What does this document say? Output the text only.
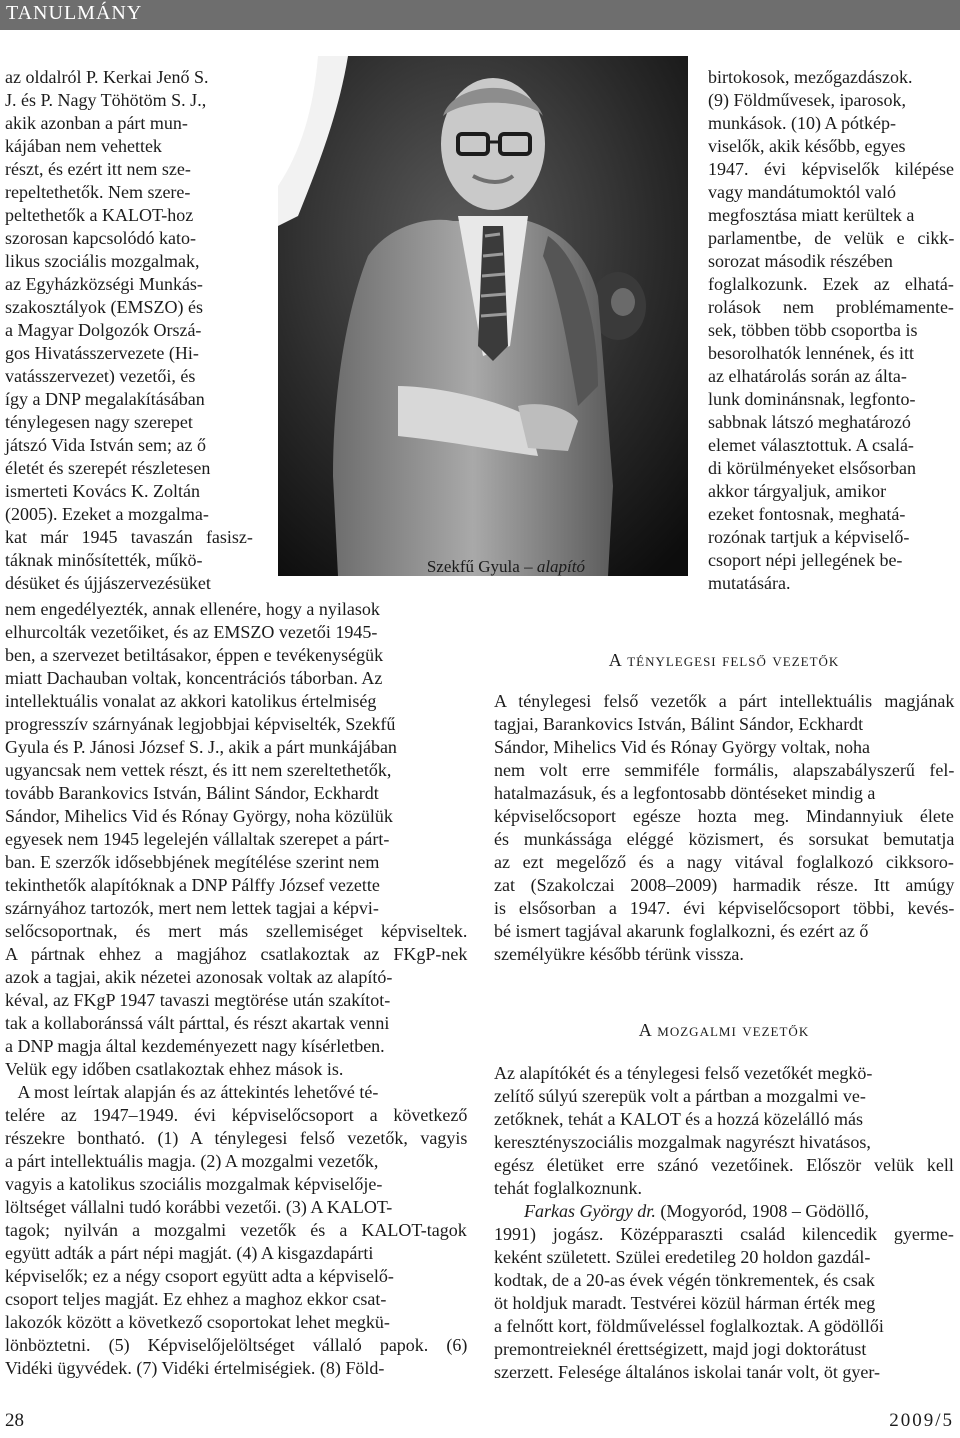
TANULMÁNY
Szekfű Gyula – alapító
az oldalról P. Kerkai Jenő S.
J. és P. Nagy Töhötöm S. J.,
akik azonban a párt mun-
kájában nem vehettek
részt, és ezért itt nem sze-
repeltethetők. Nem szere-
peltethetők a KALOT-hoz
szorosan kapcsolódó kato-
likus szociális mozgalmak,
az Egyházközségi Munkás-
szakosztályok (EMSZO) és
a Magyar Dolgozók Orszá-
gos Hivatásszervezete (Hi-
vatásszervezet) vezetői, és
így a DNP megalakításában
ténylegesen nagy szerepet
játszó Vida István sem; az ő
életét és szerepét részletesen
ismerteti Kovács K. Zoltán
(2005). Ezeket a mozgalma-
kat már 1945 tavaszán fasisz-
táknak minősítették, műkö-
désüket és újjászervezésüket
nem engedélyezték, annak ellenére, hogy a nyilasok
elhurcolták vezetőiket, és az EMSZO vezetői 1945-
ben, a szervezet betiltásakor, éppen e tevékenységük
miatt Dachauban voltak, koncentrációs táborban. Az
intellektuális vonalat az akkori katolikus értelmiség
progresszív szárnyának legjobbjai képviselték, Szekfű
Gyula és P. Jánosi József S. J., akik a párt munkájában
ugyancsak nem vettek részt, és itt nem szereltethetők,
tovább Barankovics István, Bálint Sándor, Eckhardt
Sándor, Mihelics Vid és Rónay György, noha közülük
egyesek nem 1945 legelején vállaltak szerepet a párt-
ban. E szerzők idősebbjének megítélése szerint nem
tekinthetők alapítóknak a DNP Pálffy József vezette
szárnyához tartozók, mert nem lettek tagjai a képvi-
selőcsoportnak, és mert más szellemiséget képviseltek.
A pártnak ehhez a magjához csatlakoztak az FKgP-nek
azok a tagjai, akik nézetei azonosak voltak az alapító-
kéval, az FKgP 1947 tavaszi megtörése után szakítot-
tak a kollaboránssá vált párttal, és részt akartak venni
a DNP magja által kezdeményezett nagy kísérletben.
Velük egy időben csatlakoztak ehhez mások is.
A most leírtak alapján és az áttekintés lehetővé té-
telére az 1947–1949. évi képviselőcsoport a következő
részekre bontható. (1) A ténylegesi felső vezetők, vagyis
a párt intellektuális magja. (2) A mozgalmi vezetők,
vagyis a katolikus szociális mozgalmak képviselője-
löltséget vállalni tudó korábbi vezetői. (3) A KALOT-
tagok; nyilván a mozgalmi vezetők és a KALOT-tagok
együtt adták a párt népi magját. (4) A kisgazdapárti
képviselők; ez a négy csoport együtt adta a képviselő-
csoport teljes magját. Ez ehhez a maghoz ekkor csat-
lakozók között a következő csoportokat lehet megkü-
lönböztetni. (5) Képviselőjelöltséget vállaló papok. (6)
Vidéki ügyvédek. (7) Vidéki értelmiségiek. (8) Föld-
birtokosok, mezőgazdászok.
(9) Földművesek, iparosok,
munkások. (10) A pótkép-
viselők, akik később, egyes
1947. évi képviselők kilépése
vagy mandátumoktól való
megfosztása miatt kerültek a
parlamentbe, de velük e cikk-
sorozat második részében
foglalkozunk. Ezek az elhatá-
rolások nem problémamente-
sek, többen több csoportba is
besorolhatók lennének, és itt
az elhatárolás során az álta-
lunk dominánsnak, legfonto-
sabbnak látszó meghatározó
elemet választottuk. A csalá-
di körülményeket elsősorban
akkor tárgyaljuk, amikor
ezeket fontosnak, meghatá-
rozónak tartjuk a képviselő-
csoport népi jellegének be-
mutatására.
A ténylegesi felső vezetők
A ténylegesi felső vezetők a párt intellektuális magjának
tagjai, Barankovics István, Bálint Sándor, Eckhardt
Sándor, Mihelics Vid és Rónay György voltak, noha
nem volt erre semmiféle formális, alapszabályszerű fel-
hatalmazásuk, és a legfontosabb döntéseket mindig a
képviselőcsoport egésze hozta meg. Mindannyiuk élete
és munkássága eléggé közismert, és sorsukat bemutatja
az ezt megelőző és a nagy vitával foglalkozó cikksoro-
zat (Szakolczai 2008–2009) harmadik része. Itt amúgy
is elsősorban a 1947. évi képviselőcsoport többi, kevés-
bé ismert tagjával akarunk foglalkozni, és ezért az ő
személyükre később térünk vissza.
A mozgalmi vezetők
Az alapítókét és a ténylegesi felső vezetőkét megkö-
zelítő súlyú szerepük volt a pártban a mozgalmi ve-
zetőknek, tehát a KALOT és a hozzá közelálló más
keresztényszociális mozgalmak nagyrészt hivatásos,
egész életüket erre szánó vezetőinek. Először velük kell
tehát foglalkoznunk.
Farkas György dr. (Mogyoród, 1908 – Gödöllő,
1991) jogász. Középparaszti család kilencedik gyerme-
keként született. Szülei eredetileg 20 holdon gazdál-
kodtak, de a 20-as évek végén tönkrementek, és csak
öt holdjuk maradt. Testvérei közül hárman érték meg
a felnőtt kort, földműveléssel foglalkoztak. A gödöllői
premontreieknél érettségizett, majd jogi doktorátust
szerzett. Felesége általános iskolai tanár volt, öt gyer-
28	2009/5
